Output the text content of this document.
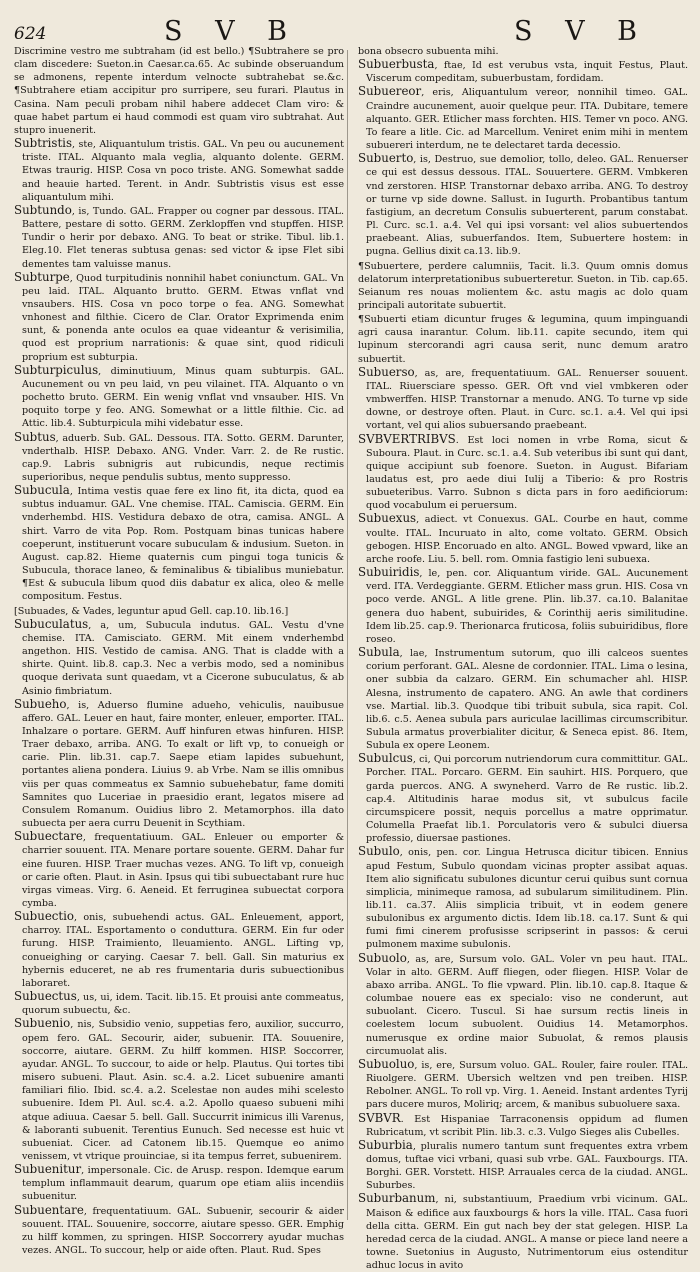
624	S V B	S V B

Discrimine vestro me subtraham (id est bello.) ¶Subtrahere se pro clam discedere: Sueton.in Caesar.ca.65. Ac subinde obseruandum se admonens, repente interdum velnocte subtrahebat se.&c. ¶Subtrahere etiam accipitur pro surripere, seu furari. Plautus in Casina. Nam peculi probam nihil habere addecet Clam viro: & quae habet partum ei haud commodi est quam viro subtrahat. Aut stupro inuenerit.

Subtristis, ste, Aliquantulum tristis. GAL. Vn peu ou aucunement triste. ITAL. Alquanto mala veglia, alquanto dolente. GERM. Etwas traurig. HISP. Cosa vn poco triste. ANG. Somewhat sadde and heauie harted. Terent. in Andr. Subtristis visus est esse aliquantulum mihi.

Subtundo, is, Tundo. GAL. Frapper ou cogner par dessous. ITAL. Battere, pestare di sotto. GERM. Zerklopffen vnd stupffen. HISP. Tundir o herir por debaxo. ANG. To beat or strike. Tibul. lib.1. Eleg.10. Flet teneras subtusa genas: sed victor & ipse Flet sibi dementes tam valuisse manus.

Subturpe, Quod turpitudinis nonnihil habet coniunctum. GAL. Vn peu laid. ITAL. Alquanto brutto. GERM. Etwas vnflat vnd vnsaubers. HIS. Cosa vn poco torpe o fea. ANG. Somewhat vnhonest and filthie. Cicero de Clar. Orator Exprimenda enim sunt, & ponenda ante oculos ea quae videantur & verisimilia, quod est proprium narrationis: & quae sint, quod ridiculi proprium est subturpia.

Subturpiculus, diminutiuum, Minus quam subturpis. GAL. Aucunement ou vn peu laid, vn peu vilainet. ITA. Alquanto o vn pochetto bruto. GERM. Ein wenig vnflat vnd vnsauber. HIS. Vn poquito torpe y feo. ANG. Somewhat or a little filthie. Cic. ad Attic. lib.4. Subturpicula mihi videbatur esse.

Subtus, aduerb. Sub. GAL. Dessous. ITA. Sotto. GERM. Darunter, vnderthalb. HISP. Debaxo. ANG. Vnder. Varr. 2. de Re rustic. cap.9. Labris subnigris aut rubicundis, neque rectimis superioribus, neque pendulis subtus, mento suppresso.

Subucula, Intima vestis quae fere ex lino fit, ita dicta, quod ea subtus induamur. GAL. Vne chemise. ITAL. Camiscia. GERM. Ein vnderhembd. HIS. Vestidura debaxo de otra, camisa. ANGL. A shirt. Varro de vita Pop. Rom. Postquam binas tunicas habere coeperunt, instituerunt vocare subuculam & indusium. Sueton. in August. cap.82. Hieme quaternis cum pingui toga tunicis & Subucula, thorace laneo, & feminalibus & tibialibus muniebatur. ¶Est & subucula libum quod diis dabatur ex alica, oleo & melle compositum. Festus.

[Subuades, & Vades, leguntur apud Gell. cap.10. lib.16.]

Subuculatus, a, um, Subucula indutus. GAL. Vestu d'vne chemise. ITA. Camisciato. GERM. Mit einem vnderhembd angethon. HIS. Vestido de camisa. ANG. That is cladde with a shirte. Quint. lib.8. cap.3. Nec a verbis modo, sed a nominibus quoque derivata sunt quaedam, vt a Cicerone subuculatus, & ab Asinio fimbriatum.

Subueho, is, Aduerso flumine adueho, vehiculis, nauibusue affero. GAL. Leuer en haut, faire monter, enleuer, emporter. ITAL. Inhalzare o portare. GERM. Auff hinfuren etwas hinfuren. HISP. Traer debaxo, arriba. ANG. To exalt or lift vp, to conueigh or carie. Plin. lib.31. cap.7. Saepe etiam lapides subuehunt, portantes aliena pondera. Liuius 9. ab Vrbe. Nam se illis omnibus viis per quas commeatus ex Samnio subuehebatur, fame domiti Samnites quo Luceriae in praesidio erant, legatos misere ad Consulem Romanum. Ouidius libro 2. Metamorphos. illa dato subuecta per aera curru Deuenit in Scythiam.

Subuectare, frequentatiuum. GAL. Enleuer ou emporter & charrier souuent. ITA. Menare portare souente. GERM. Dahar fur eine fuuren. HISP. Traer muchas vezes. ANG. To lift vp, conueigh or carie often. Plaut. in Asin. Ipsus qui tibi subuectabant rure huc virgas vimeas. Virg. 6. Aeneid. Et ferruginea subuectat corpora cymba.

Subuectio, onis, subuehendi actus. GAL. Enleuement, apport, charroy. ITAL. Esportamento o conduttura. GERM. Ein fur oder furung. HISP. Traimiento, lleuamiento. ANGL. Lifting vp, conueighing or carying. Caesar 7. bell. Gall. Sin maturius ex hybernis educeret, ne ab res frumentaria duris subuectionibus laboraret.

Subuectus, us, ui, idem. Tacit. lib.15. Et prouisi ante commeatus, quorum subuectu, &c.

Subuenio, nis, Subsidio venio, suppetias fero, auxilior, succurro, opem fero. GAL. Secourir, aider, subuenir. ITA. Souuenire, soccorre, aiutare. GERM. Zu hilff kommen. HISP. Soccorrer, ayudar. ANGL. To succour, to aide or help. Plautus. Qui tortes tibi misero subueni. Plaut. Asin. sc.4. a.2. Licet subuenire amanti familiari filio. Ibid. sc.4. a.2. Scelestae non audes mihi scelesto subuenire. Idem Pl. Aul. sc.4. a.2. Apollo quaeso subueni mihi atque adiuua. Caesar 5. bell. Gall. Succurrit inimicus illi Varenus, & laboranti subuenit. Terentius Eunuch. Sed necesse est huic vt subueniat. Cicer. ad Catonem lib.15. Quemque eo animo venissem, vt vtrique prouinciae, si ita tempus ferret, subuenirem.

Subuenitur, impersonale. Cic. de Arusp. respon. Idemque earum templum inflammauit dearum, quarum ope etiam aliis incendiis subuenitur.

Subuentare, frequentatiuum. GAL. Subuenir, secourir & aider souuent. ITAL. Souuenire, soccorre, aiutare spesso. GER. Emphig zu hilff kommen, zu springen. HISP. Soccorrery ayudar muchas vezes. ANGL. To succour, help or aide often. Plaut. Rud. Spes

bona obsecro subuenta mihi.

Subuerbusta, ftae, Id est verubus vsta, inquit Festus, Plaut. Viscerum compeditam, subuerbustam, fordidam.

Subuereor, eris, Aliquantulum vereor, nonnihil timeo. GAL. Craindre aucunement, auoir quelque peur. ITA. Dubitare, temere alquanto. GER. Etlicher mass forchten. HIS. Temer vn poco. ANG. To feare a litle. Cic. ad Marcellum. Veniret enim mihi in mentem subuereri interdum, ne te delectaret tarda decessio.

Subuerto, is, Destruo, sue demolior, tollo, deleo. GAL. Renuerser ce qui est dessus dessous. ITAL. Souuertere. GERM. Vmbkeren vnd zerstoren. HISP. Transtornar debaxo arriba. ANG. To destroy or turne vp side downe. Sallust. in Iugurth. Probantibus tantum fastigium, an decretum Consulis subuerterent, parum constabat. Pl. Curc. sc.1. a.4. Vel qui ipsi vorsant: vel alios subuertendos praebeant. Alias, subuerfandos. Item, Subuertere hostem: in pugna. Gellius dixit ca.13. lib.9.

¶Subuertere, perdere calumniis, Tacit. li.3. Quum omnis domus delatorum interpretationibus subuerteretur. Sueton. in Tib. cap.65. Seianum res nouas molientem &c. astu magis ac dolo quam principali autoritate subuertit.

¶Subuerti etiam dicuntur fruges & legumina, quum impinguandi agri causa inarantur. Colum. lib.11. capite secundo, item qui lupinum stercorandi agri causa serit, nunc demum aratro subuertit.

Subuerso, as, are, frequentatiuum. GAL. Renuerser souuent. ITAL. Riuersciare spesso. GER. Oft vnd viel vmbkeren oder vmbwerffen. HISP. Transtornar a menudo. ANG. To turne vp side downe, or destroye often. Plaut. in Curc. sc.1. a.4. Vel qui ipsi vortant, vel qui alios subuersando praebeant.

SVBVERTRIBVS. Est loci nomen in vrbe Roma, sicut & Suboura. Plaut. in Curc. sc.1. a.4. Sub veteribus ibi sunt qui dant, quique accipiunt sub foenore. Sueton. in August. Bifariam laudatus est, pro aede diui Iulij a Tiberio: & pro Rostris subueteribus. Varro. Subnon s dicta pars in foro aedificiorum: quod vocabulum ei peruersum.

Subuexus, adiect. vt Conuexus. GAL. Courbe en haut, comme voulte. ITAL. Incuruato in alto, come voltato. GERM. Obsich gebogen. HISP. Encoruado en alto. ANGL. Bowed vpward, like an arche roofe. Liu. 5. bell. rom. Omnia fastigio leni subuexa.

Subuiridis, le, pen. cor. Aliquantum viride. GAL. Aucunement verd. ITA. Verdeggiante. GERM. Etlicher mass grun. HIS. Cosa vn poco verde. ANGL. A litle grene. Plin. lib.37. ca.10. Balanitae genera duo habent, subuirides, & Corinthij aeris similitudine. Idem lib.25. cap.9. Therionarca fruticosa, foliis subuiridibus, flore roseo.

Subula, lae, Instrumentum sutorum, quo illi calceos suentes corium perforant. GAL. Alesne de cordonnier. ITAL. Lima o lesina, oner subbia da calzaro. GERM. Ein schumacher ahl. HISP. Alesna, instrumento de capatero. ANG. An awle that cordiners vse. Martial. lib.3. Quodque tibi tribuit subula, sica rapit. Col. lib.6. c.5. Aenea subula pars auriculae lacillimas circumscribitur. Subula armatus proverbialiter dicitur, & Seneca epist. 86. Item, Subula ex opere Leonem.

Subulcus, ci, Qui porcorum nutriendorum cura committitur. GAL. Porcher. ITAL. Porcaro. GERM. Ein sauhirt. HIS. Porquero, que garda puercos. ANG. A swyneherd. Varro de Re rustic. lib.2. cap.4. Altitudinis harae modus sit, vt subulcus facile circumspicere possit, nequis porcellus a matre opprimatur. Columella Praefat lib.1. Porculatoris vero & subulci diuersa professio, diuersae pastiones.

Subulo, onis, pen. cor. Lingua Hetrusca dicitur tibicen. Ennius apud Festum, Subulo quondam vicinas propter assibat aquas. Item alio significatu subulones dicuntur cerui quibus sunt cornua simplicia, minimeque ramosa, ad subularum similitudinem. Plin. lib.11. ca.37. Aliis simplicia tribuit, vt in eodem genere subulonibus ex argumento dictis. Idem lib.18. ca.17. Sunt & qui fumi fimi cinerem profusisse scripserint in passos: & cerui pulmonem maxime subulonis.

Subuolo, as, are, Sursum volo. GAL. Voler vn peu haut. ITAL. Volar in alto. GERM. Auff fliegen, oder fliegen. HISP. Volar de abaxo arriba. ANGL. To flie vpward. Plin. lib.10. cap.8. Itaque & columbae nouere eas ex specialo: viso ne conderunt, aut subuolant. Cicero. Tuscul. Si hae sursum rectis lineis in coelestem locum subuolent. Ouidius 14. Metamorphos. numerusque ex ordine maior Subuolat, & remos plausis circumuolat alis.

Subuoluo, is, ere, Sursum voluo. GAL. Rouler, faire rouler. ITAL. Riuolgere. GERM. Ubersich weltzen vnd pen treiben. HISP. Rebolner. ANGL. To roll vp. Virg. 1. Aeneid. Instant ardentes Tyrij pars ducere muros, Moliriq; arcem, & manibus subuoluere saxa.

SVBVR. Est Hispaniae Tarraconensis oppidum ad flumen Rubricatum, vt scribit Plin. lib.3. c.3. Vulgo Sieges alis Cubelles.

Suburbia, pluralis numero tantum sunt frequentes extra vrbem domus, tuftae vici vrbani, quasi sub vrbe. GAL. Fauxbourgs. ITA. Borghi. GER. Vorstett. HISP. Arrauales cerca de la ciudad. ANGL. Suburbes.

Suburbanum, ni, substantiuum, Praedium vrbi vicinum. GAL. Maison & edifice aux fauxbourgs & hors la ville. ITAL. Casa fuori della citta. GERM. Ein gut nach bey der stat gelegen. HISP. La heredad cerca de la ciudad. ANGL. A manse or piece land neere a towne. Suetonius in Augusto, Nutrimentorum eius ostenditur adhuc locus in avito
